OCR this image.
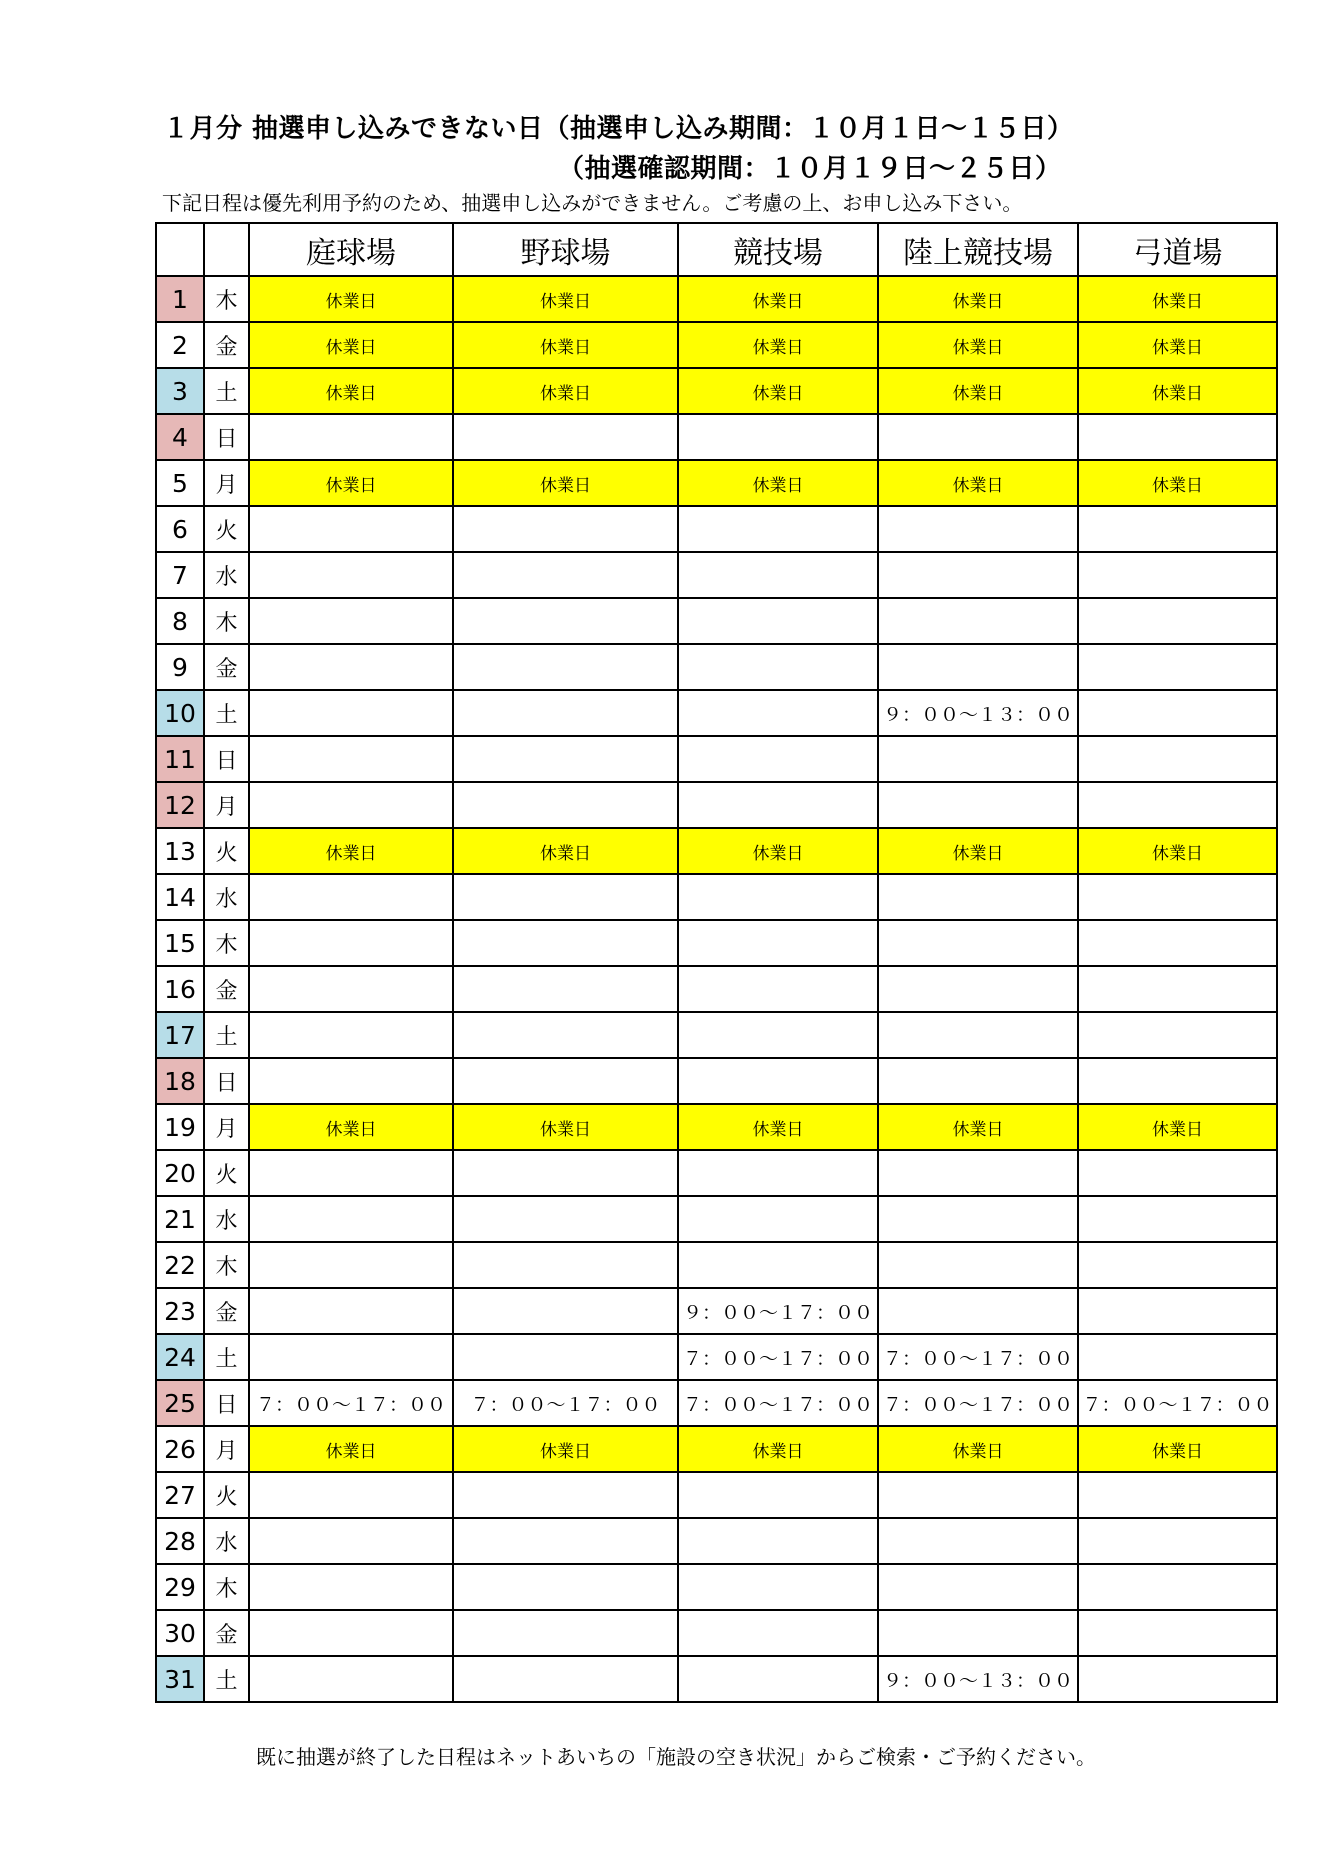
１月分 抽選申し込みできない日（抽選申し込み期間：１０月１日～１５日）
（抽選確認期間：１０月１９日～２５日）
下記日程は優先利用予約のため、抽選申し込みができません。ご考慮の上、お申し込み下さい。
		庭球場	野球場	競技場	陸上競技場	弓道場
1	木	休業日	休業日	休業日	休業日	休業日
2	金	休業日	休業日	休業日	休業日	休業日
3	土	休業日	休業日	休業日	休業日	休業日
4	日					
5	月	休業日	休業日	休業日	休業日	休業日
6	火					
7	水					
8	木					
9	金					
10	土				９：００～１３：００	
11	日					
12	月					
13	火	休業日	休業日	休業日	休業日	休業日
14	水					
15	木					
16	金					
17	土					
18	日					
19	月	休業日	休業日	休業日	休業日	休業日
20	火					
21	水					
22	木					
23	金			９：００～１７：００		
24	土			７：００～１７：００	７：００～１７：００	
25	日	７：００～１７：００	７：００～１７：００	７：００～１７：００	７：００～１７：００	７：００～１７：００
26	月	休業日	休業日	休業日	休業日	休業日
27	火					
28	水					
29	木					
30	金					
31	土				９：００～１３：００	
既に抽選が終了した日程はネットあいちの「施設の空き状況」からご検索・ご予約ください。
